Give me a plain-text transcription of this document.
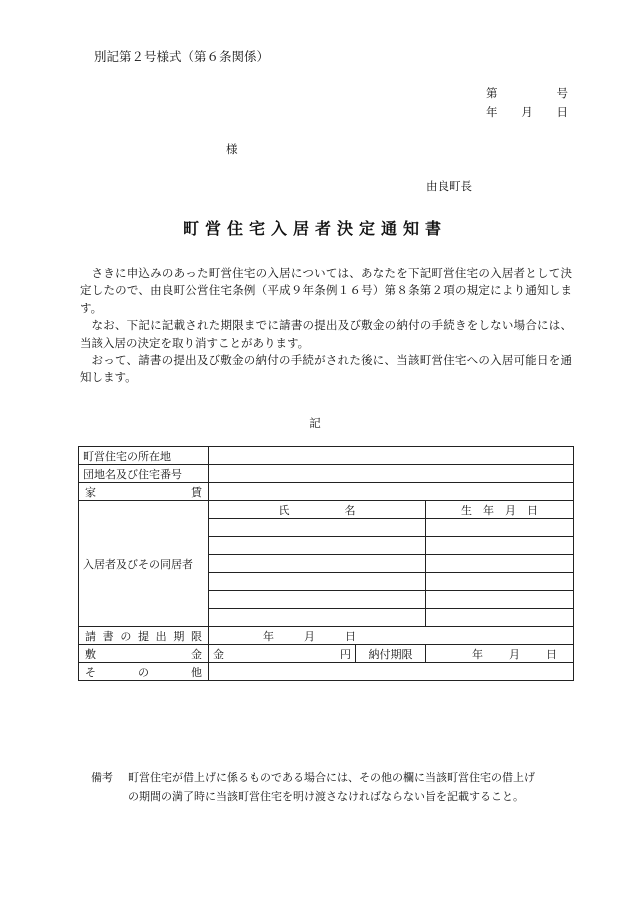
別記第２号様式（第６条関係）
第	号
年 月 日
様
由良町長
町営住宅入居者決定通知書

さきに申込みのあった町営住宅の入居については、あなたを下記町営住宅の入居者として決定したので、由良町公営住宅条例（平成９年条例１６号）第８条第２項の規定により通知します。

なお、下記に記載された期限までに請書の提出及び敷金の納付の手続きをしない場合には、当該入居の決定を取り消すことがあります。

おって、請書の提出及び敷金の納付の手続がされた後に、当該町営住宅への入居可能日を通知します。

記
町営住宅の所在地			
団地名及び住宅番号			
家賃			
入居者及びその同居者	氏　　　　　名		生　年　月　日

請書の提出期限	年 月 日		
敷金	金 円	納付期限	年 月 日
その他			
備考 町営住宅が借上げに係るものである場合には、その他の欄に当該町営住宅の借上げ
の期間の満了時に当該町営住宅を明け渡さなければならない旨を記載すること。
